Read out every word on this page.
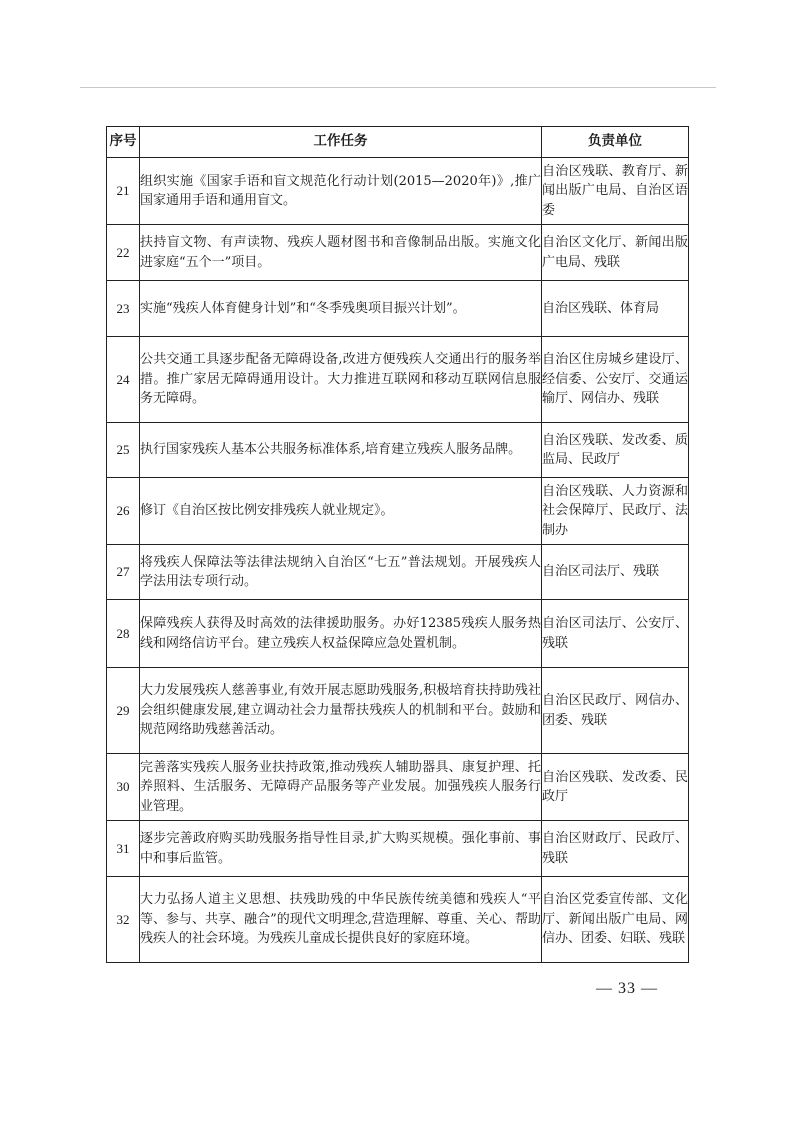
序号	工作任务	负责单位
21	组织实施《国家手语和盲文规范化行动计划(2015—2020年)》,推广国家通用手语和通用盲文。	自治区残联、教育厅、新闻出版广电局、自治区语委
22	扶持盲文物、有声读物、残疾人题材图书和音像制品出版。实施文化进家庭“五个一”项目。	自治区文化厅、新闻出版广电局、残联
23	实施“残疾人体育健身计划”和“冬季残奥项目振兴计划”。	自治区残联、体育局
24	公共交通工具逐步配备无障碍设备,改进方便残疾人交通出行的服务举措。推广家居无障碍通用设计。大力推进互联网和移动互联网信息服务无障碍。	自治区住房城乡建设厅、经信委、公安厅、交通运输厅、网信办、残联
25	执行国家残疾人基本公共服务标准体系,培育建立残疾人服务品牌。	自治区残联、发改委、质监局、民政厅
26	修订《自治区按比例安排残疾人就业规定》。	自治区残联、人力资源和社会保障厅、民政厅、法制办
27	将残疾人保障法等法律法规纳入自治区“七五”普法规划。开展残疾人学法用法专项行动。	自治区司法厅、残联
28	保障残疾人获得及时高效的法律援助服务。办好12385残疾人服务热线和网络信访平台。建立残疾人权益保障应急处置机制。	自治区司法厅、公安厅、残联
29	大力发展残疾人慈善事业,有效开展志愿助残服务,积极培育扶持助残社会组织健康发展,建立调动社会力量帮扶残疾人的机制和平台。鼓励和规范网络助残慈善活动。	自治区民政厅、网信办、团委、残联
30	完善落实残疾人服务业扶持政策,推动残疾人辅助器具、康复护理、托养照料、生活服务、无障碍产品服务等产业发展。加强残疾人服务行业管理。	自治区残联、发改委、民政厅
31	逐步完善政府购买助残服务指导性目录,扩大购买规模。强化事前、事中和事后监管。	自治区财政厅、民政厅、残联
32	大力弘扬人道主义思想、扶残助残的中华民族传统美德和残疾人“平等、参与、共享、融合”的现代文明理念,营造理解、尊重、关心、帮助残疾人的社会环境。为残疾儿童成长提供良好的家庭环境。	自治区党委宣传部、文化厅、新闻出版广电局、网信办、团委、妇联、残联
— 33 —
